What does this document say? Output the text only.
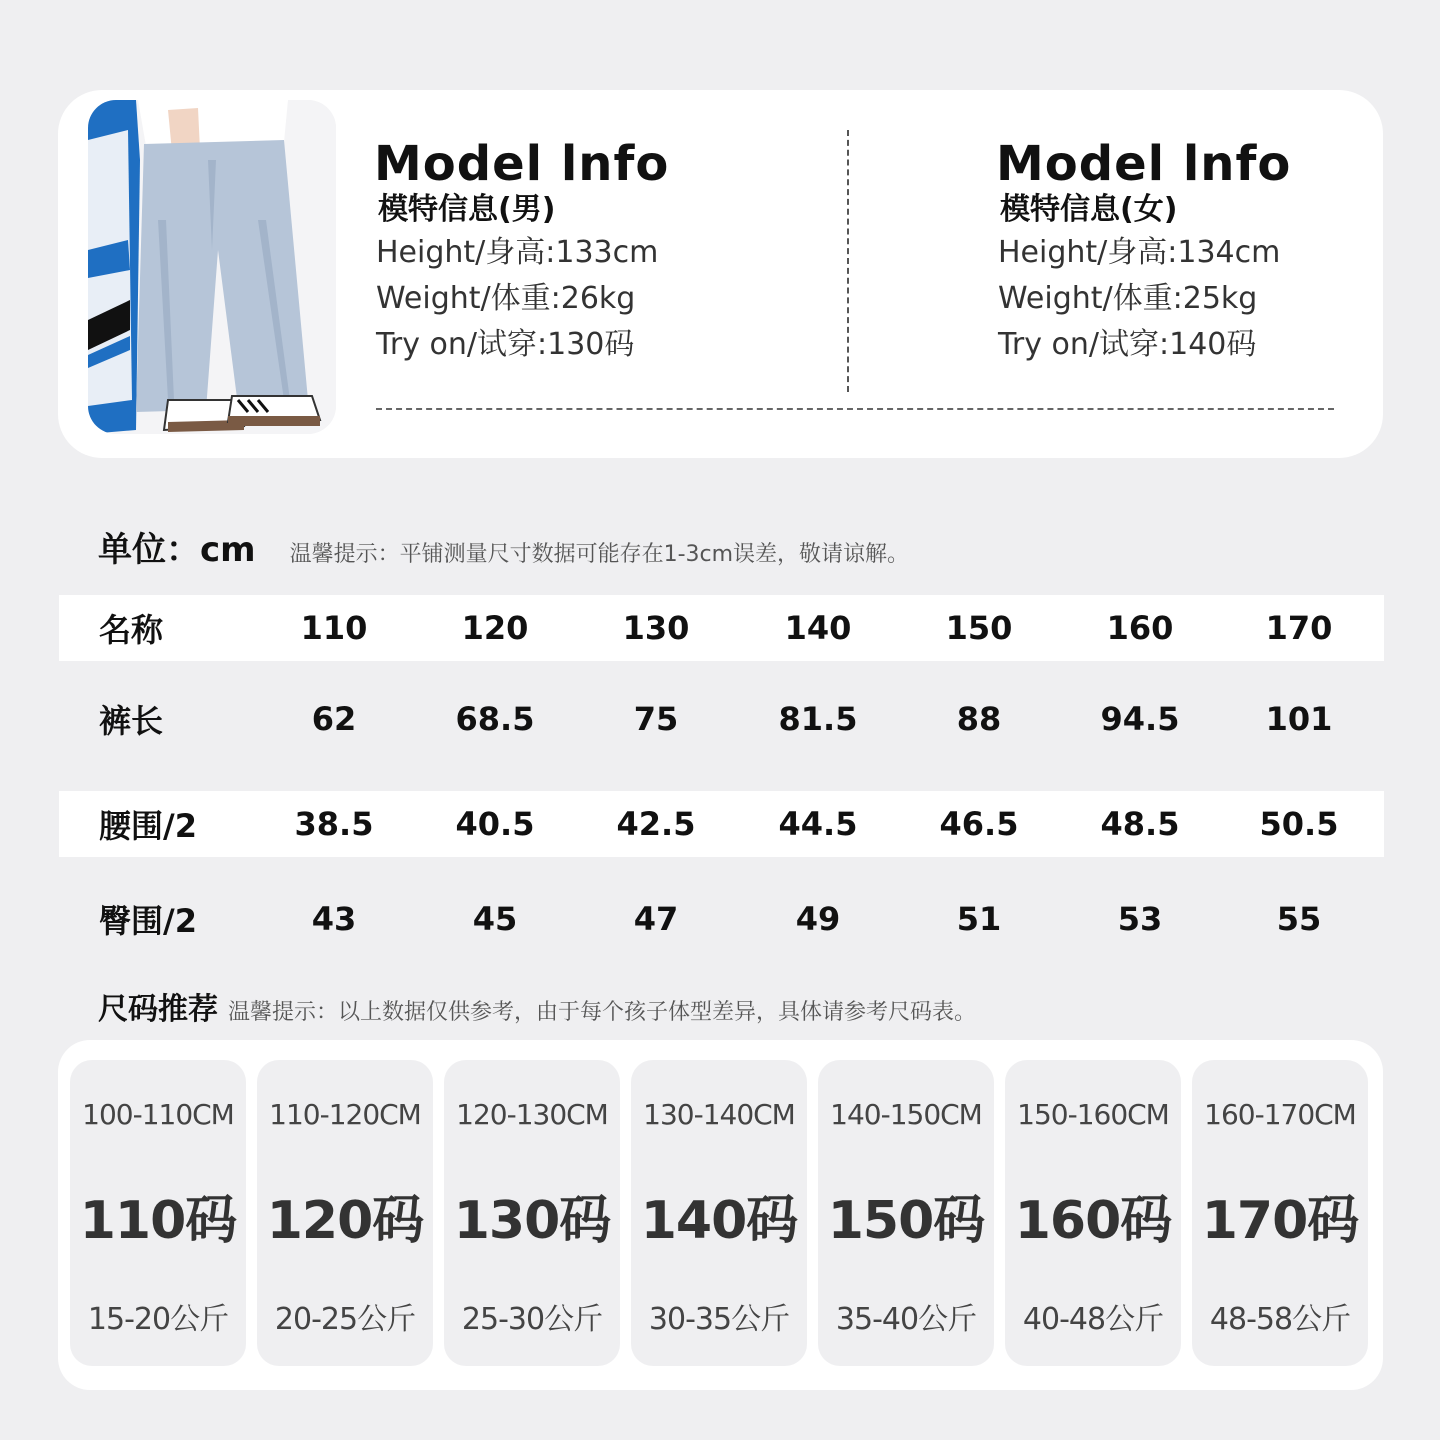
Model lnfo
模特信息(男)
Height/身高:133cm
Weight/体重:26kg
Try on/试穿:130码
Model lnfo
模特信息(女)
Height/身高:134cm
Weight/体重:25kg
Try on/试穿:140码
单位：cm 温馨提示：平铺测量尺寸数据可能存在1-3cm误差，敬请谅解。
名称	110	120	130	140	150	160	170
裤长	62	68.5	75	81.5	88	94.5	101
腰围/2	38.5	40.5	42.5	44.5	46.5	48.5	50.5
臀围/2	43	45	47	49	51	53	55
尺码推荐 温馨提示：以上数据仅供参考，由于每个孩子体型差异，具体请参考尺码表。
100-110CM
110码
15-20公斤
110-120CM
120码
20-25公斤
120-130CM
130码
25-30公斤
130-140CM
140码
30-35公斤
140-150CM
150码
35-40公斤
150-160CM
160码
40-48公斤
160-170CM
170码
48-58公斤
